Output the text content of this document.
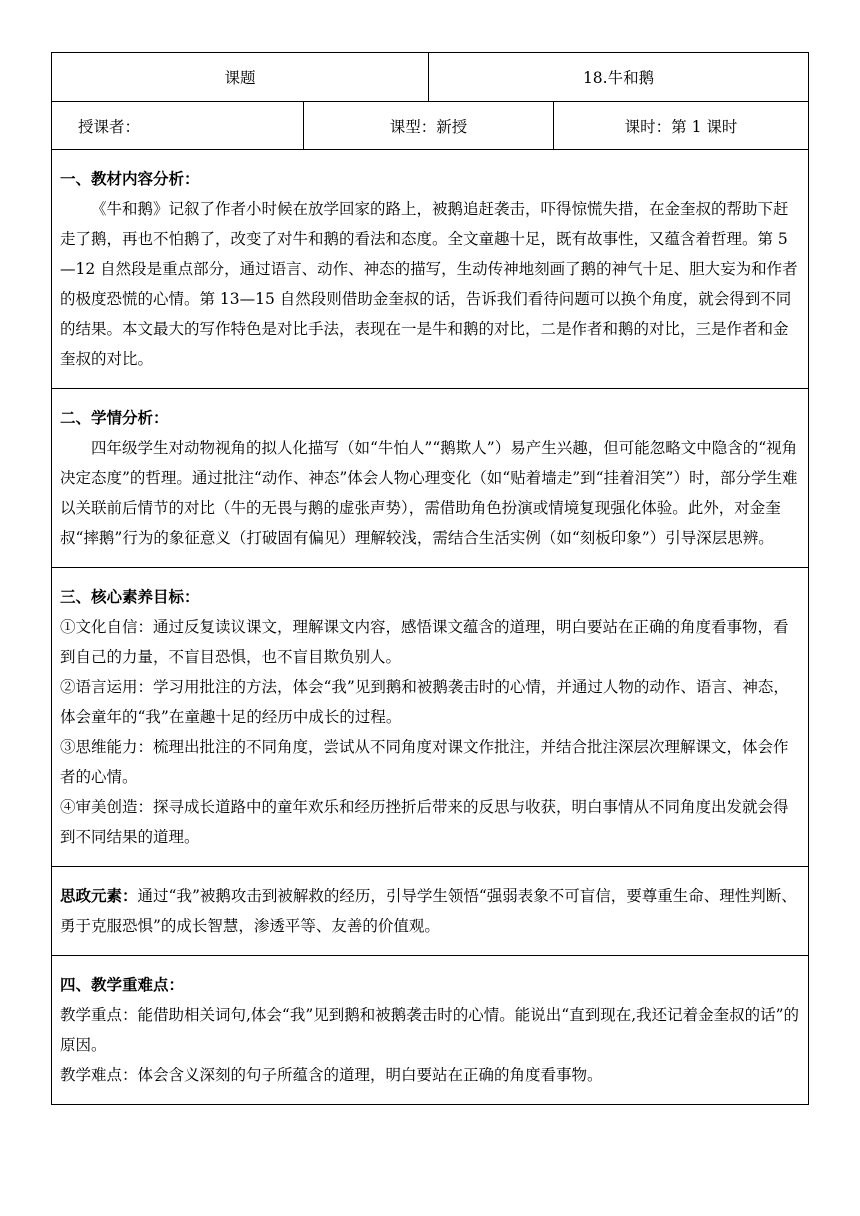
课题		18.牛和鹅	
授课者：	课型：新授		课时：第 1 课时

一、教材内容分析：

《牛和鹅》记叙了作者小时候在放学回家的路上，被鹅追赶袭击，吓得惊慌失措，在金奎叔的帮助下赶走了鹅，再也不怕鹅了，改变了对牛和鹅的看法和态度。全文童趣十足，既有故事性，又蕴含着哲理。第 5—12 自然段是重点部分，通过语言、动作、神态的描写，生动传神地刻画了鹅的神气十足、胆大妄为和作者的极度恐慌的心情。第 13—15 自然段则借助金奎叔的话，告诉我们看待问题可以换个角度，就会得到不同的结果。本文最大的写作特色是对比手法，表现在一是牛和鹅的对比，二是作者和鹅的对比，三是作者和金奎叔的对比。			

二、学情分析：

四年级学生对动物视角的拟人化描写（如“牛怕人”“鹅欺人”）易产生兴趣，但可能忽略文中隐含的“视角决定态度”的哲理。通过批注“动作、神态”体会人物心理变化（如“贴着墙走”到“挂着泪笑”）时，部分学生难以关联前后情节的对比（牛的无畏与鹅的虚张声势），需借助角色扮演或情境复现强化体验。此外，对金奎叔“摔鹅”行为的象征意义（打破固有偏见）理解较浅，需结合生活实例（如“刻板印象”）引导深层思辨。			

三、核心素养目标：

①文化自信：通过反复读议课文，理解课文内容，感悟课文蕴含的道理，明白要站在正确的角度看事物，看到自己的力量，不盲目恐惧，也不盲目欺负别人。

②语言运用：学习用批注的方法，体会“我”见到鹅和被鹅袭击时的心情，并通过人物的动作、语言、神态，体会童年的“我”在童趣十足的经历中成长的过程。

③思维能力：梳理出批注的不同角度，尝试从不同角度对课文作批注，并结合批注深层次理解课文，体会作者的心情。

④审美创造：探寻成长道路中的童年欢乐和经历挫折后带来的反思与收获，明白事情从不同角度出发就会得到不同结果的道理。			

思政元素：通过“我”被鹅攻击到被解救的经历，引导学生领悟“强弱表象不可盲信，要尊重生命、理性判断、勇于克服恐惧”的成长智慧，渗透平等、友善的价值观。			

四、教学重难点：

教学重点：能借助相关词句,体会“我”见到鹅和被鹅袭击时的心情。能说出“直到现在,我还记着金奎叔的话”的原因。

教学难点：体会含义深刻的句子所蕴含的道理，明白要站在正确的角度看事物。			
